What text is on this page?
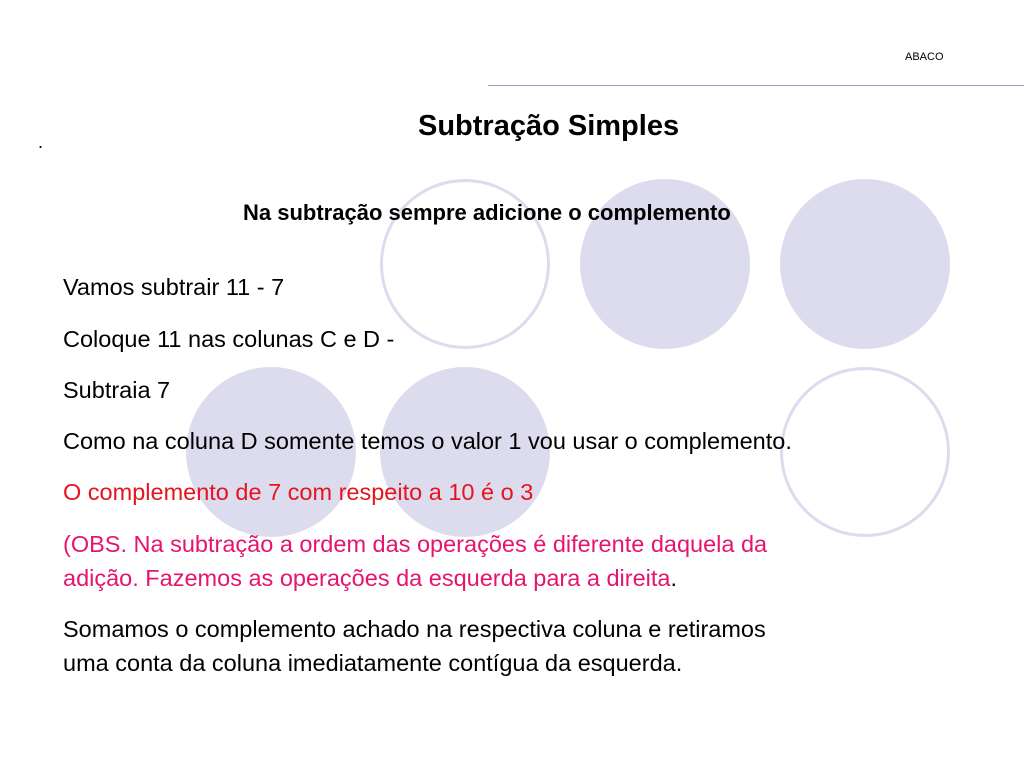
ABACO
.	Subtração Simples
Na subtração sempre adicione o complemento
Vamos subtrair 11 - 7
Coloque 11 nas colunas C e D -
Subtraia 7
Como na coluna D somente temos o valor 1 vou usar o complemento.
O complemento de 7 com respeito a 10 é o 3
(OBS. Na subtração a ordem das operações é diferente daquela da
adição. Fazemos as operações da esquerda para a direita.
Somamos o complemento achado na respectiva coluna e retiramos
uma conta da coluna imediatamente contígua da esquerda.
